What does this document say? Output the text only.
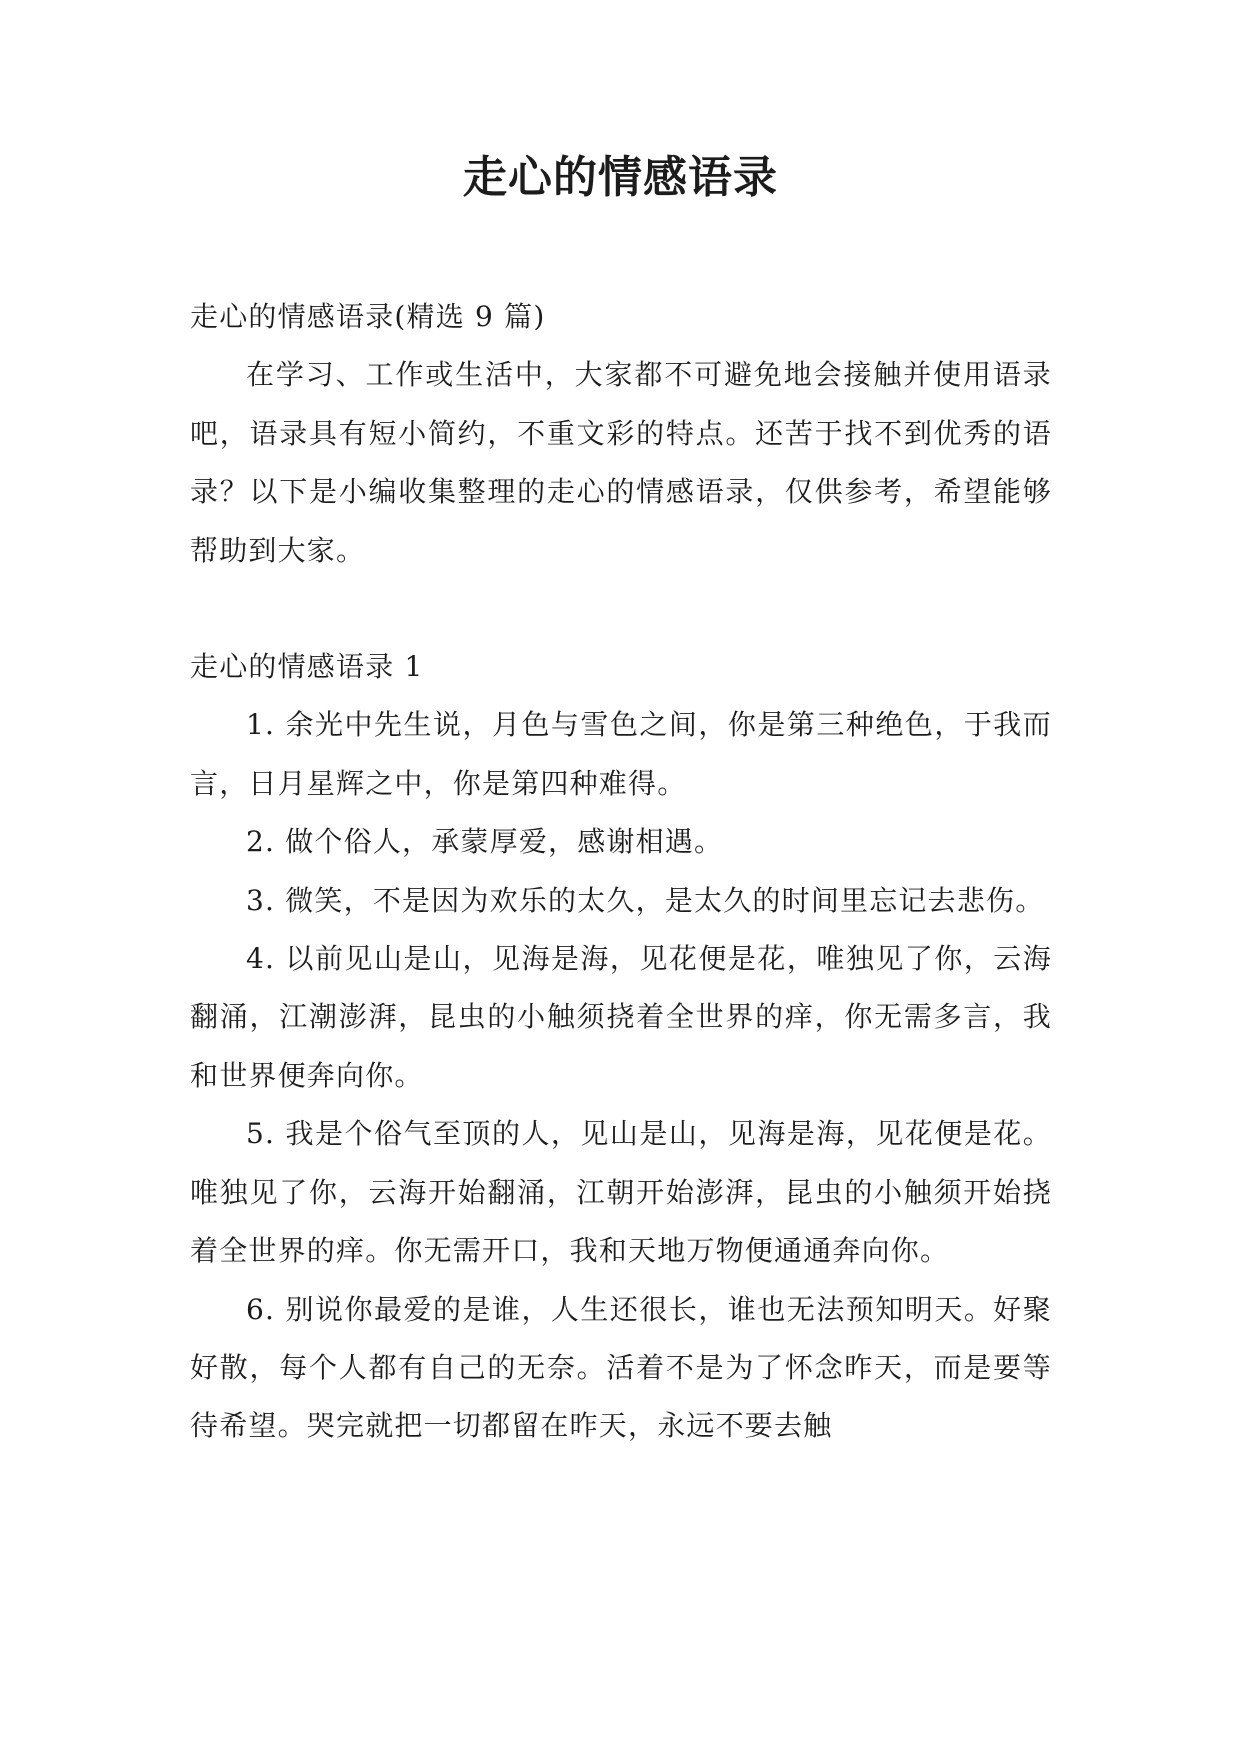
走心的情感语录

走心的情感语录(精选 9 篇)

在学习、工作或生活中，大家都不可避免地会接触并使用语录吧，语录具有短小简约，不重文彩的特点。还苦于找不到优秀的语录？以下是小编收集整理的走心的情感语录，仅供参考，希望能够帮助到大家。

走心的情感语录 1

1. 余光中先生说，月色与雪色之间，你是第三种绝色，于我而言，日月星辉之中，你是第四种难得。

2. 做个俗人，承蒙厚爱，感谢相遇。

3. 微笑，不是因为欢乐的太久，是太久的时间里忘记去悲伤。

4. 以前见山是山，见海是海，见花便是花，唯独见了你，云海翻涌，江潮澎湃，昆虫的小触须挠着全世界的痒，你无需多言，我和世界便奔向你。

5. 我是个俗气至顶的人，见山是山，见海是海，见花便是花。唯独见了你，云海开始翻涌，江朝开始澎湃，昆虫的小触须开始挠着全世界的痒。你无需开口，我和天地万物便通通奔向你。

6. 别说你最爱的是谁，人生还很长，谁也无法预知明天。好聚好散，每个人都有自己的无奈。活着不是为了怀念昨天，而是要等待希望。哭完就把一切都留在昨天，永远不要去触
